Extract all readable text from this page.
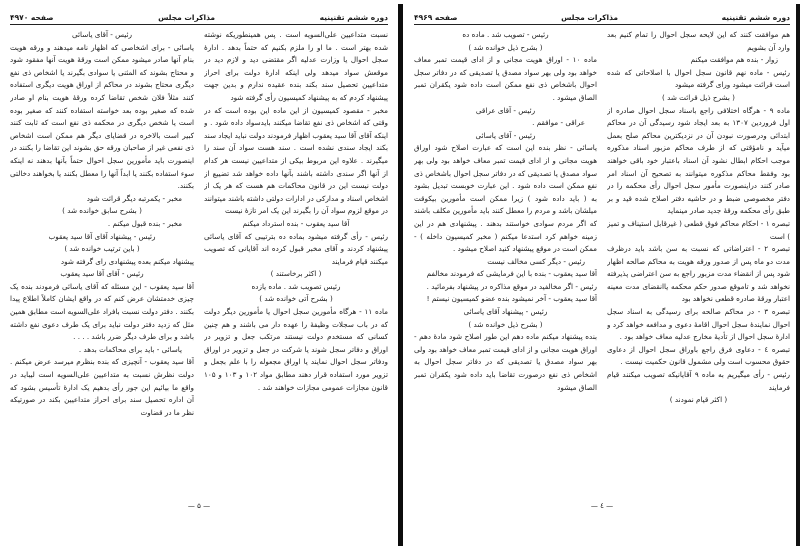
دوره ششم تقنینیه
مذاکرات مجلس
صفحه ۴۹۷۰

نسبت متداعیین علی‌السویه است . پس همینطوریکه نوشته شده بهتر است . ما او را ملزم بکنیم که حتماً بدهد . ادارهٔ سجل احوال یا وزارت عدلیه اگر مقتضی دید و لازم دید در موقعش سواد میدهد ولی اینکه ادارهٔ دولت برای احراز متداعیین تحصیل سند بکند بنده عقیده ندارم و بدین جهت پیشنهاد کردم که به پیشنهاد کمیسیون رأی گرفته شود

مخبر - مقصود کمیسیون از این ماده این بوده است که در وقتی که اشخاص ذی نفع تقاضا میکنند بایدسواد داده شود . و اینکه آقای آقا سید یعقوب اظهار فرمودند دولت نباید ایجاد سند بکند ایجاد سندی نشده است . سند هست سواد آن سند را میگیرند . علاوه این مربوط بیکی از متداعیین نیست هر کدام از آنها اگر سندی داشته باشند بآنها داده خواهد شد تضییع از دولت نیست این در قانون محاکمات هم هست که هر یک از اشخاص اسناد و مدارکی در ادارات دولتی داشته باشند میتوانند در موقع لزوم سواد آن را بگیرند این یک امر تازهٔ نیست

آقا سید یعقوب - بنده استرداد میکنم

رئیس - رأی گرفته میشود بماده ده بترتیبی که آقای یاسائی پیشنهاد کردند و آقای مخبر قبول کرده اند آقایانی که تصویب میکنند قیام فرمایند

( اکثر برخاستند )

رئیس تصویب شد . ماده یازده

( بشرح آتی خوانده شد )

ماده ۱۱ - هرگاه مأمورین سجل احوال یا مأمورین دیگر دولت که در باب سجلات وظیفهٔ را عهده دار می باشند و هم چنین کسانی که مستخدم دولت نیستند مرتکب جعل و تزویر در اوراق و دفاتر سجل شوند یا شرکت در جعل و تزویر در اوراق ودفاتر سجل احوال نمایند یا اوراق مجعوله را با علم بجعل و تزویر مورد استفاده قرار دهند مطابق مواد ۱۰۲ و ۱۰۳ و ۱۰۵ قانون مجازات عمومی مجازات خواهند شد .

رئیس - آقای یاسائی

یاسائی - برای اشخاصی که اظهار نامه میدهند و ورقه هویت بنام آنها صادر میشود ممکن است ورقهٔ هویت آنها مفقود شود و محتاج بشوند که المثنی یا سوادی بگیرند یا اشخاص ذی نفع دیگری محتاج بشوند در محاکم از اوراق هویت دیگری استفاده کنند مثلاً فلان شخص تقاضا کرده ورقهٔ هویت بنام او صادر شده که صغیر بوده بعد خواسته استفاده کنند که صغیر بوده است یا شخص دیگری در محکمه ذی نفع است که ثابت کنند کبیر است بالاخره در قضایای دیگر هم ممکن است اشخاص ذی نفعی غیر از صاحبان ورقه حق بشوند این تقاضا را بکنند در اینصورت باید مأمورین سجل احوال حتماً بآنها بدهند نه اینکه سوء استفاده بکنند یا ابداً آنها را معطل بکنند یا بخواهند دخالتی بکنند.

مخبر - یکمرتبه دیگر قرائت شود

( بشرح سابق خوانده شد )

مخبر - بنده قبول میکنم .

رئیس - پیشنهاد آقای آقا سید یعقوب

( باین ترتیب خوانده شد )

پیشنهاد میکنم بعده پیشنهادی رای گرفته شود

رئیس - آقای آقا سید یعقوب

آقا سید یعقوب - این مسئله که آقای یاسائی فرمودند بنده یک چیزی خدمتشان عرض کنم که در واقع ایشان کاملاً اطلاع پیدا بکنند . دفتر دولت نسبت بافراد علی‌السویه است مطابق همین مثل که زدید دفتر دولت نباید برای یک طرف دعوی نفع داشته باشد و برای طرف دیگر ضرر باشد . . . .

یاسائی - باید برای محاکمات بدهد .

آقا سید یعقوب - آنچیزی که بنده بنظرم میرسد عرض میکنم . دولت نظرش نسبت به متداعیین علی‌السویه است لیباید در واقع ما بیائیم این جور رأی بدهیم یک ادارهٔ تأسیس بشود که آن اداره تحصیل سند برای احراز متداعیین بکند در صورتیکه نظر ما در قضاوت

— ۵ —
دوره ششم تقنینیه
مذاکرات مجلس
صفحه ۴۹۶۹

هم موافقت کنند که این لایحه سجل احوال را تمام کنیم بعد وارد آن بشویم

زوار - بنده هم موافقت میکنم

رئیس - ماده نهم قانون سجل احوال با اصلاحاتی که شده است قرائت میشود ورای گرفته میشود

( بشرح ذیل قرائت شد )

ماده ۹ - هرگاه اختلافی راجع باسناد سجل احوال صادره از اول فروردین ۱۳۰۷ به بعد ایجاد شود رسیدگی آن در محاکم ابتدائی ودرصورت نبودن آن در نزدیکترین محاکم صلح بعمل میآید و نامؤقتی که از طرف محاکم مزبور اسناد مذکوره موجب احکام ابطال نشود آن اسناد باعتبار خود باقی خواهند بود وفقط محاکم مذکوره میتوانند به تصحیح آن اسناد امر صادر کنند دراینصورت مأمور سجل احوال رأی محکمه را در دفتر مخصوصی ضبط و در حاشیه دفتر اصلاح شده قید و بر طبق رأی محکمه ورقهٔ جدید صادر مینماید

تبصره ۱ - احکام محاکم فوق قطعی ( غیرقابل استیناف و تمیز ) است

تبصره ۲ - اعتراضاتی که نسبت به سن باشد باید درظرف مدت دو ماه پس از صدور ورقه هویت به محاکم صالحه اظهار شود پس از انقضاء مدت مزبور راجع به سن اعتراضی پذیرفته نخواهد شد و تاموقع صدور حکم محکمه یاانقضای مدت معینه اعتبار ورقهٔ صادره قطعی نخواهد بود

تبصره ۳ - در محاکم صالحه برای رسیدگی به اسناد سجل احوال نمایندهٔ سجل احوال اقامهٔ دعوی و مدافعه خواهد کرد و ادارهٔ سجل احوال از تأدیهٔ مخارج عدلیه معاف خواهد بود .

تبصره ٤ - دعاوی فرق راجع باوراق سجل احوال از دعاوی حقوق محسوب است ولی مشمول قانون حکمیت نیست .

رئیس - رأی میگیریم به ماده ۹ آقایانیکه تصویب میکنند قیام فرمایند

( اکثر قیام نمودند )

رئیس - تصویب شد . ماده ده

( بشرح ذیل خوانده شد )

ماده ۱۰ - اوراق هویت مجانی و از ادای قیمت تمبر معاف خواهد بود ولی بهر سواد مصدق یا تصدیقی که در دفاتر سجل احوال باشخاص ذی نفع ممکن است داده شود یکقران تمبر الصاق میشود .

رئیس - آقای عراقی

عراقی - موافقم .

رئیس - آقای یاسائی

یاسائی - نظر بنده این است که عبارت اصلاح شود اوراق هویت مجانی و از ادای قیمت تمبر معاف خواهد بود ولی بهر سواد مصدق یا تصدیقی که در دفاتر سجل احوال باشخاص ذی نفع ممکن است داده شود . این عبارت خوبست تبدیل بشود به ( باید داده شود ) زیرا ممکن است مأمورین بیکوقت میلشان باشد و مردم را معطل کنند باید مأمورین مکلف باشند که اگر مردم سوادی خواستند بدهند . پیشنهادی هم در این زمینه خواهم کرد استدعا میکنم ( مخبر کمیسیون داخله ) - ممکن است در موقع پیشنهاد کنید اصلاح میشود .

رئیس - دیگر کسی مخالف نیست

آقا سید یعقوب - بنده با این فرمایشی که فرمودند مخالفم

رئیس - اگر مخالفید در موقع مذاکره در پیشنهاد بفرمائید .

آقا سید یعقوب - آخر نمیشود بنده عضو کمیسیون نیستم !

رئیس - پیشنهاد آقای یاسائی

( بشرح ذیل خوانده شد )

بنده پیشنهاد میکنم ماده دهم این طور اصلاح شود مادهٔ دهم - اوراق هویت مجانی و از ادای قیمت تمبر معاف خواهد بود ولی بهر سواد مصدق یا تصدیقی که در دفاتر سجل احوال به اشخاص ذی نفع درصورت تقاضا باید داده شود یکقران تمبر الصاق میشود

— ٤ —
